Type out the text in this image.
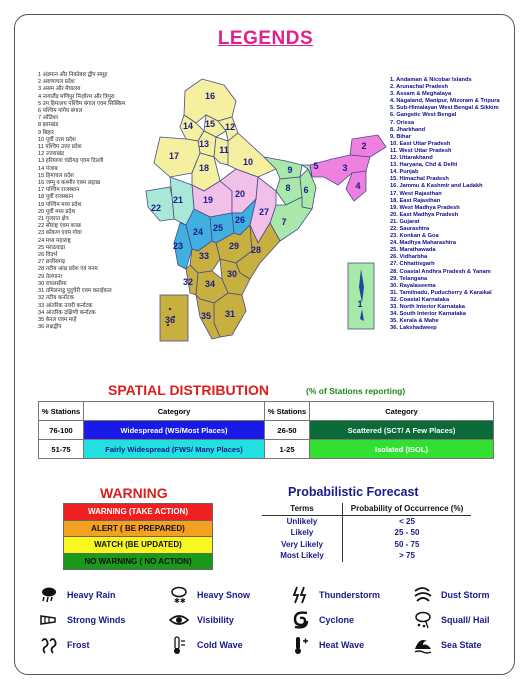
LEGENDS
1 अंडमान और निकोबार द्वीप समूह
2 अरुणाचल प्रदेश
3 असम और मेघालय
4 नागालैंड मणिपुर मिज़ोरम और त्रिपुरा
5 उप हिमालय पश्चिम बंगाल एवम सिक्किम
6 पश्चिम गांगेय बंगाल
7 ओडिशा
8 झारखंड
9 बिहार
10 पूर्वी उत्तर प्रदेश
11 पश्चिम उत्तर प्रदेश
12 उत्तराखंड
13 हरियाणा चंडीगढ़ एवम दिल्ली
14 पंजाब
15 हिमाचल प्रदेश
16 जम्मू व कश्मीर एवम लद्दाख
17 पश्चिम राजस्थान
18 पूर्वी राजस्थान
19 पश्चिम मध्य प्रदेश
20 पूर्वी मध्य प्रदेश
21 गुजरात क्षेत्र
22 सौराष्ट्र एवम कच्छ
23 कोंकण एवम गोवा
24 मध्य महाराष्ट्र
25 मराठवाड़ा
26 विदर्भ
27 छत्तीसगढ़
28 तटीय आंध्र प्रदेश एवं यनम
29 तेलंगाना
30 रायलसीमा
31 तमिलनाडु पुदुचेरी एवम कराईकल
32 तटीय कर्नाटक
33 आंतरिक उत्तरी कर्नाटक
34 आंतरिक दक्षिणी कर्नाटक
35 केरल एवम माहे
36 लक्षद्वीप
1. Andaman & Nicobar Islands
2. Arunachal Pradesh
3. Assam & Meghalaya
4. Nagaland, Manipur, Mizoram & Tripura
5. Sub-Himalayan West Bengal & Sikkim
6. Gangetic West Bengal
7. Orissa
8. Jharkhand
9. Bihar
10. East Uttar Pradesh
11. West Uttar Pradesh
12. Uttarakhand
13. Haryana, Chd & Delhi
14. Punjab
15. Himachal Pradesh
16. Jammu & Kashmir and Ladakh
17. West Rajasthan
18. East Rajasthan
19. West Madhya Pradesh
20. East Madhya Pradesh
21. Gujarat
22. Saurashtra
23. Konkan & Goa
24. Madhya Maharashtra
25. Marathawada
26. Vidharbha
27. Chhattisgarh
28. Coastal Andhra Pradesh & Yanam
29. Telangana
30. Rayalaseema
31. Tamilnadu, Puducherry & Karaikal
32. Coastal Karnataka
33. North Interior Karnataka
34. South Interior Karnataka
35. Kerala & Mahe
36. Lakshadweep
1
2
3
4
5
6
7
8
9
10
11
12
13
14 15
16
17
18
19
20
21
22
23
24 25
26
27
28
29
30
31
32
33
34
35
36
SPATIAL DISTRIBUTION	(% of Stations reporting)
% Stations	Category	% Stations	Category
76-100	Widespread (WS/Most Places)	26-50	Scattered (SCT/ A Few Places)
51-75	Fairly Widespread (FWS/ Many Places)	1-25	Isolated (ISOL)
WARNING
WARNING (TAKE ACTION)
ALERT ( BE PREPARED)
WATCH (BE UPDATED)
NO WARNING ( NO ACTION)
Probabilistic Forecast
Terms	Probability of Occurrence (%)
Unlikely	< 25
Likely	25 - 50
Very Likely	50 - 75
Most Likely	> 75
Heavy Rain
✱✱
Heavy Snow	Thunderstorm	Dust Storm
Strong Winds	Visibility	Cyclone	Squall/ Hail
Frost	Cold Wave	Heat Wave	Sea State
